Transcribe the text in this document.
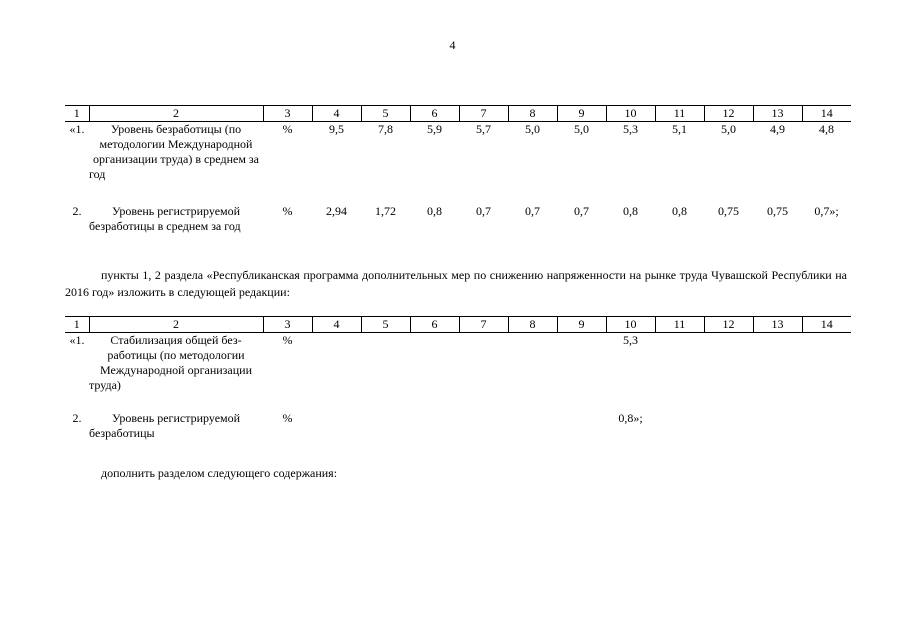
4
1	2	3	4	5	6	7	8	9	10	11	12	13	14
«1.	Уровень безработицы (по методологии Международной организации труда) в среднем за год	%	9,5	7,8	5,9	5,7	5,0	5,0	5,3	5,1	5,0	4,9	4,8
2.	Уровень регистрируемой безработицы в среднем за год	%	2,94	1,72	0,8	0,7	0,7	0,7	0,8	0,8	0,75	0,75	0,7»;
пункты 1, 2 раздела «Республиканская программа дополнительных мер по снижению напряженности на рынке труда Чувашской Республики на 2016 год» изложить в следующей редакции:
1	2	3	4	5	6	7	8	9	10	11	12	13	14
«1.	Стабилизация общей безработицы (по методологии Международной организации труда)	%							5,3				
2.	Уровень регистрируемой безработицы	%							0,8»;				
дополнить разделом следующего содержания:
